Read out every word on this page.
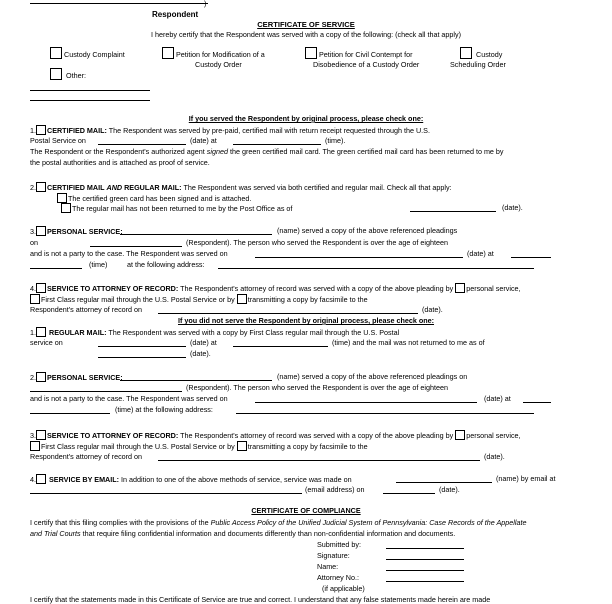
)
Respondent
CERTIFICATE OF SERVICE
I hereby certify that the Respondent was served with a copy of the following: (check all that apply)
Custody Complaint	Petition for Modification of a
Custody Order
Petition for Civil Contempt for
Disobedience of a Custody Order
Custody
Scheduling Order
Other:
If you served the Respondent by original process, please check one:
1. CERTIFIED MAIL: The Respondent was served by pre-paid, certified mail with return receipt requested through the U.S.
Postal Service on	(date) at	(time).
The Respondent or the Respondent's authorized agent signed the green certified mail card. The green certified mail card has been returned to me by
the postal authorities and is attached as proof of service.
2. CERTIFIED MAIL AND REGULAR MAIL: The Respondent was served via both certified and regular mail. Check all that apply:
The certified green card has been signed and is attached.
The regular mail has not been returned to me by the Post Office as of	(date).
3. PERSONAL SERVICE:	(name) served a copy of the above referenced pleadings
on	(Respondent). The person who served the Respondent is over the age of eighteen
and is not a party to the case. The Respondent was served on	(date) at
(time)	at the following address:
4. SERVICE TO ATTORNEY OF RECORD: The Respondent's attorney of record was served with a copy of the above pleading by personal service,
First Class regular mail through the U.S. Postal Service or by transmitting a copy by facsimile to the
Respondent's attorney of record on	(date).
If you did not serve the Respondent by original process, please check one:
1. REGULAR MAIL: The Respondent was served with a copy by First Class regular mail through the U.S. Postal
service on	(date) at	(time) and the mail was not returned to me as of
(date).
2. PERSONAL SERVICE:	(name) served a copy of the above referenced pleadings on
(Respondent). The person who served the Respondent is over the age of eighteen
and is not a party to the case. The Respondent was served on	(date) at
(time) at the following address:
3. SERVICE TO ATTORNEY OF RECORD: The Respondent's attorney of record was served with a copy of the above pleading by personal service,
First Class regular mail through the U.S. Postal Service or by transmitting a copy by facsimile to the
Respondent's attorney of record on	(date).
4. SERVICE BY EMAIL: In addition to one of the above methods of service, service was made on	(name) by email at
(email address) on	(date).
CERTIFICATE OF COMPLIANCE
I certify that this filing complies with the provisions of the Public Access Policy of the Unified Judicial System of Pennsylvania: Case Records of the Appellate
and Trial Courts that require filing confidential information and documents differently than non-confidential information and documents.
Submitted by:
Signature:
Name:
Attorney No.:
(if applicable)
I certify that the statements made in this Certificate of Service are true and correct. I understand that any false statements made herein are made
